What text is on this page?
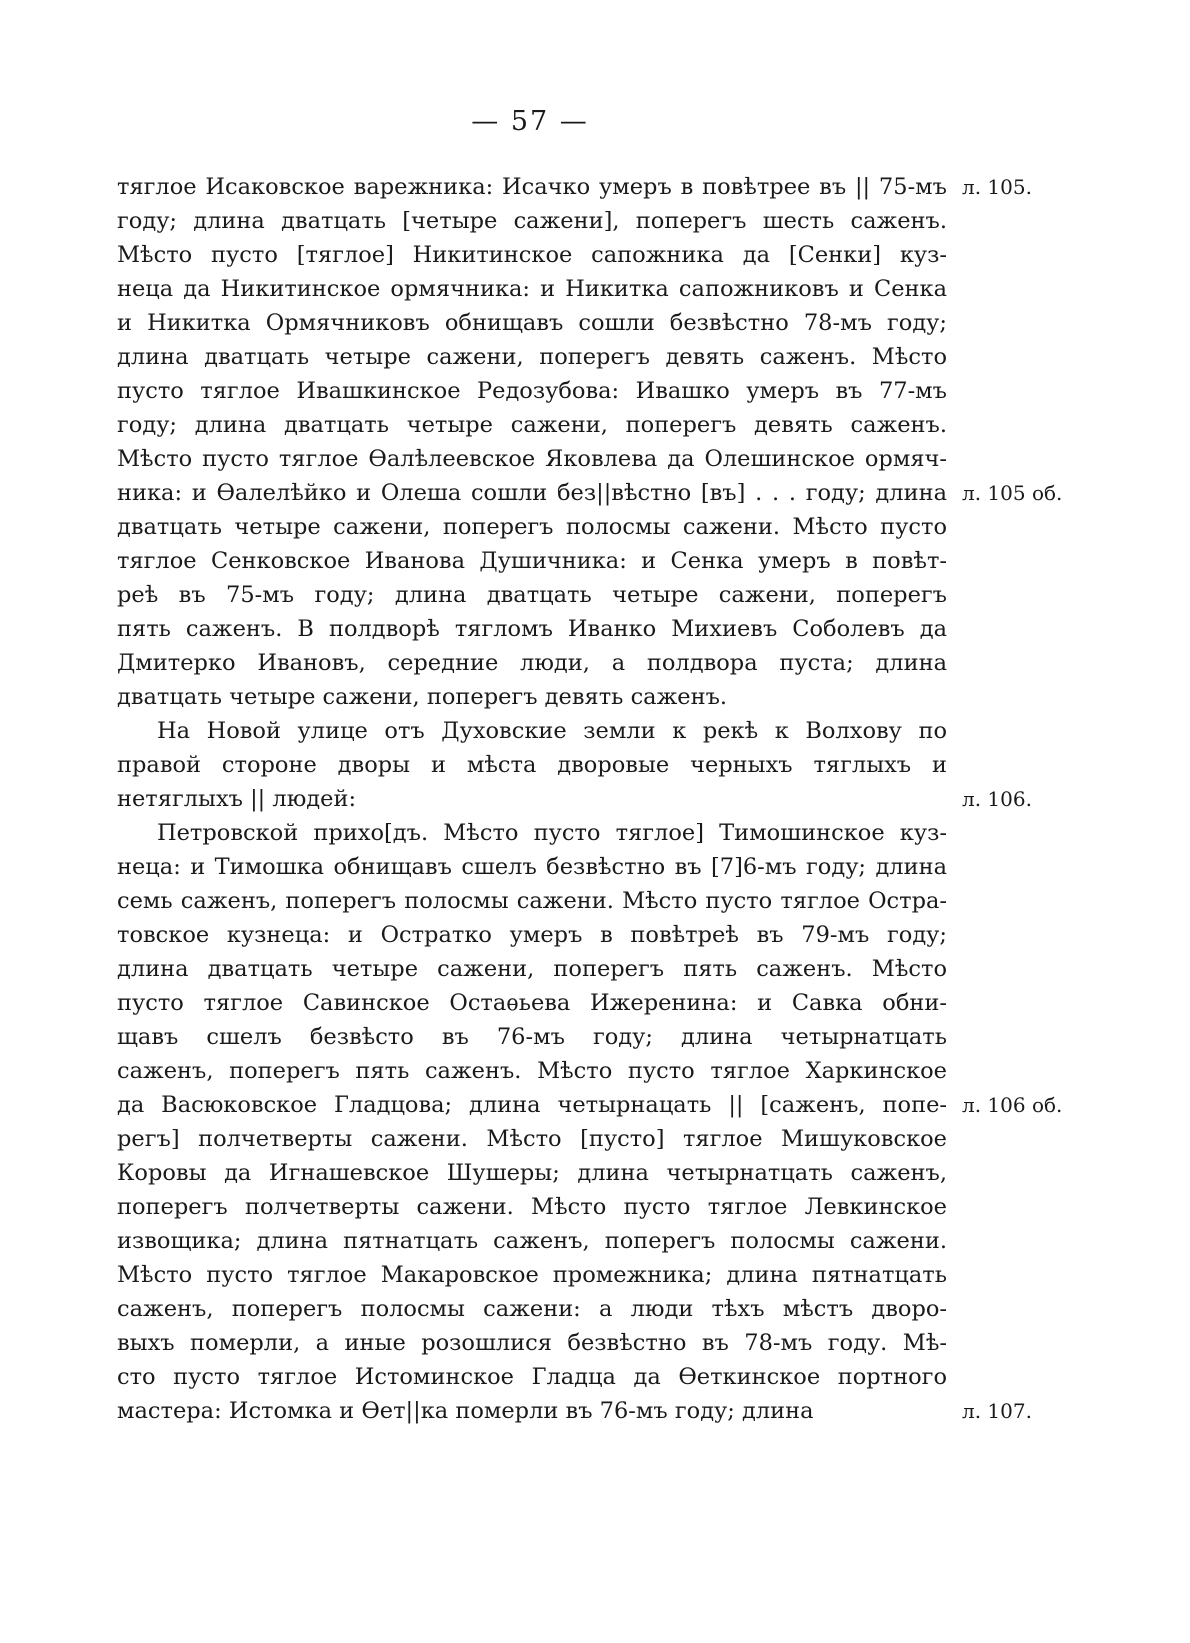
— 57 —
тяглое Исаковское варежника: Исачко умеръ в повѣтрее въ || 75-мъ
году; длина дватцать [четыре сажени], поперегъ шесть саженъ.
Мѣсто пусто [тяглое] Никитинское сапожника да [Сенки] куз-
неца да Никитинское ормячника: и Никитка сапожниковъ и Сенка
и Никитка Ормячниковъ обнищавъ сошли безвѣстно 78-мъ году;
длина дватцать четыре сажени, поперегъ девять саженъ. Мѣсто
пусто тяглое Ивашкинское Редозубова: Ивашко умеръ въ 77-мъ
году; длина дватцать четыре сажени, поперегъ девять саженъ.
Мѣсто пусто тяглое Ѳалѣлеевское Яковлева да Олешинское ормяч-
ника: и Ѳалелѣйко и Олеша сошли без||вѣстно [въ] . . . году; длина
дватцать четыре сажени, поперегъ полосмы сажени. Мѣсто пусто
тяглое Сенковское Иванова Душичника: и Сенка умеръ в повѣт-
реѣ въ 75-мъ году; длина дватцать четыре сажени, поперегъ
пять саженъ. В полдворѣ тягломъ Иванко Михиевъ Соболевъ да
Дмитерко Ивановъ, середние люди, а полдвора пуста; длина
дватцать четыре сажени, поперегъ девять саженъ.
На Новой улице отъ Духовские земли к рекѣ к Волхову по
правой стороне дворы и мѣста дворовые черныхъ тяглыхъ и
нетяглыхъ || людей:
Петровской прихо[дъ. Мѣсто пусто тяглое] Тимошинское куз-
неца: и Тимошка обнищавъ сшелъ безвѣстно въ [7]6-мъ году; длина
семь саженъ, поперегъ полосмы сажени. Мѣсто пусто тяглое Остра-
товское кузнеца: и Остратко умеръ в повѣтреѣ въ 79-мъ году;
длина дватцать четыре сажени, поперегъ пять саженъ. Мѣсто
пусто тяглое Савинское Остаѳьева Ижеренина: и Савка обни-
щавъ сшелъ безвѣсто въ 76-мъ году; длина четырнатцать
саженъ, поперегъ пять саженъ. Мѣсто пусто тяглое Харкинское
да Васюковское Гладцова; длина четырнацать || [саженъ, попе-
регъ] полчетверты сажени. Мѣсто [пусто] тяглое Мишуковское
Коровы да Игнашевское Шушеры; длина четырнатцать саженъ,
поперегъ полчетверты сажени. Мѣсто пусто тяглое Левкинское
извощика; длина пятнатцать саженъ, поперегъ полосмы сажени.
Мѣсто пусто тяглое Макаровское промежника; длина пятнатцать
саженъ, поперегъ полосмы сажени: а люди тѣхъ мѣстъ дворо-
выхъ померли, а иные розошлися безвѣстно въ 78-мъ году. Мѣ-
сто пусто тяглое Истоминское Гладца да Ѳеткинское портного
мастера: Истомка и Ѳет||ка померли въ 76-мъ году; длина
л. 105.
л. 105 об.
л. 106.
л. 106 об.
л. 107.
